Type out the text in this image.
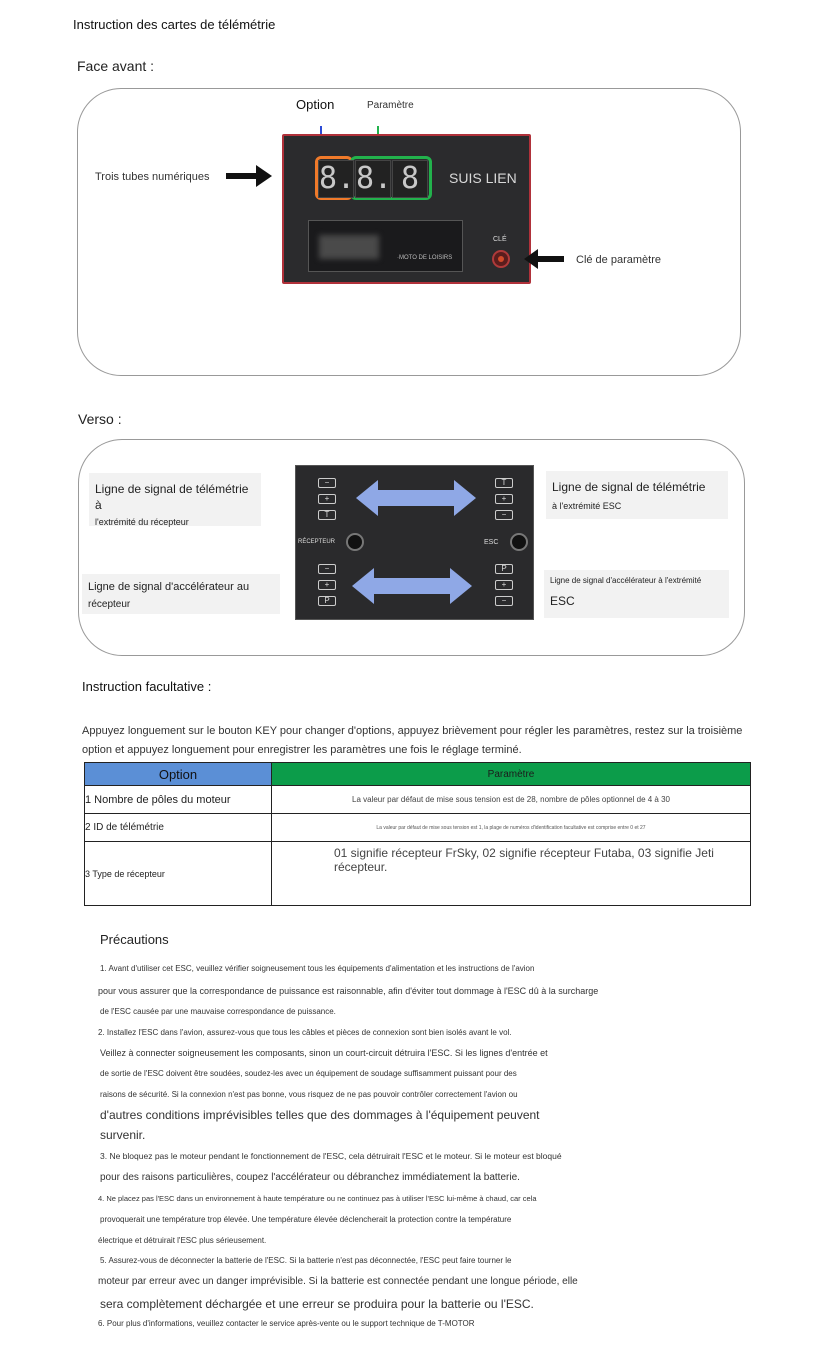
Instruction des cartes de télémétrie
Face avant :
Option	Paramètre
Trois tubes numériques	8. 8. 8	SUIS LIEN
·MOTO DE LOISIRS
CLÉ
Clé de paramètre
Verso :
Ligne de signal de télémétrie à
l'extrémité du récepteur
Ligne de signal d'accélérateur au
récepteur
Ligne de signal de télémétrie
à l'extrémité ESC
Ligne de signal d'accélérateur à l'extrémité
ESC
−
+
T
T
+
−
−
+
P
P
+
−
RÉCEPTEUR	ESC
Instruction facultative :
Appuyez longuement sur le bouton KEY pour changer d'options, appuyez brièvement pour régler les paramètres, restez sur la troisième
option et appuyez longuement pour enregistrer les paramètres une fois le réglage terminé.
Option	Paramètre
1 Nombre de pôles du moteur	La valeur par défaut de mise sous tension est de 28, nombre de pôles optionnel de 4 à 30
2 ID de télémétrie	La valeur par défaut de mise sous tension est 1, la plage de numéros d'identification facultative est comprise entre 0 et 27
3 Type de récepteur	01 signifie récepteur FrSky, 02 signifie récepteur Futaba, 03 signifie Jeti
récepteur.
Précautions
1. Avant d'utiliser cet ESC, veuillez vérifier soigneusement tous les équipements d'alimentation et les instructions de l'avion
pour vous assurer que la correspondance de puissance est raisonnable, afin d'éviter tout dommage à l'ESC dû à la surcharge
de l'ESC causée par une mauvaise correspondance de puissance.
2. Installez l'ESC dans l'avion, assurez-vous que tous les câbles et pièces de connexion sont bien isolés avant le vol.
Veillez à connecter soigneusement les composants, sinon un court-circuit détruira l'ESC. Si les lignes d'entrée et
de sortie de l'ESC doivent être soudées, soudez-les avec un équipement de soudage suffisamment puissant pour des
raisons de sécurité. Si la connexion n'est pas bonne, vous risquez de ne pas pouvoir contrôler correctement l'avion ou
d'autres conditions imprévisibles telles que des dommages à l'équipement peuvent
survenir.
3. Ne bloquez pas le moteur pendant le fonctionnement de l'ESC, cela détruirait l'ESC et le moteur. Si le moteur est bloqué
pour des raisons particulières, coupez l'accélérateur ou débranchez immédiatement la batterie.
4. Ne placez pas l'ESC dans un environnement à haute température ou ne continuez pas à utiliser l'ESC lui-même à chaud, car cela
provoquerait une température trop élevée. Une température élevée déclencherait la protection contre la température
électrique et détruirait l'ESC plus sérieusement.
5. Assurez-vous de déconnecter la batterie de l'ESC. Si la batterie n'est pas déconnectée, l'ESC peut faire tourner le
moteur par erreur avec un danger imprévisible. Si la batterie est connectée pendant une longue période, elle
sera complètement déchargée et une erreur se produira pour la batterie ou l'ESC.
6. Pour plus d'informations, veuillez contacter le service après-vente ou le support technique de T-MOTOR
